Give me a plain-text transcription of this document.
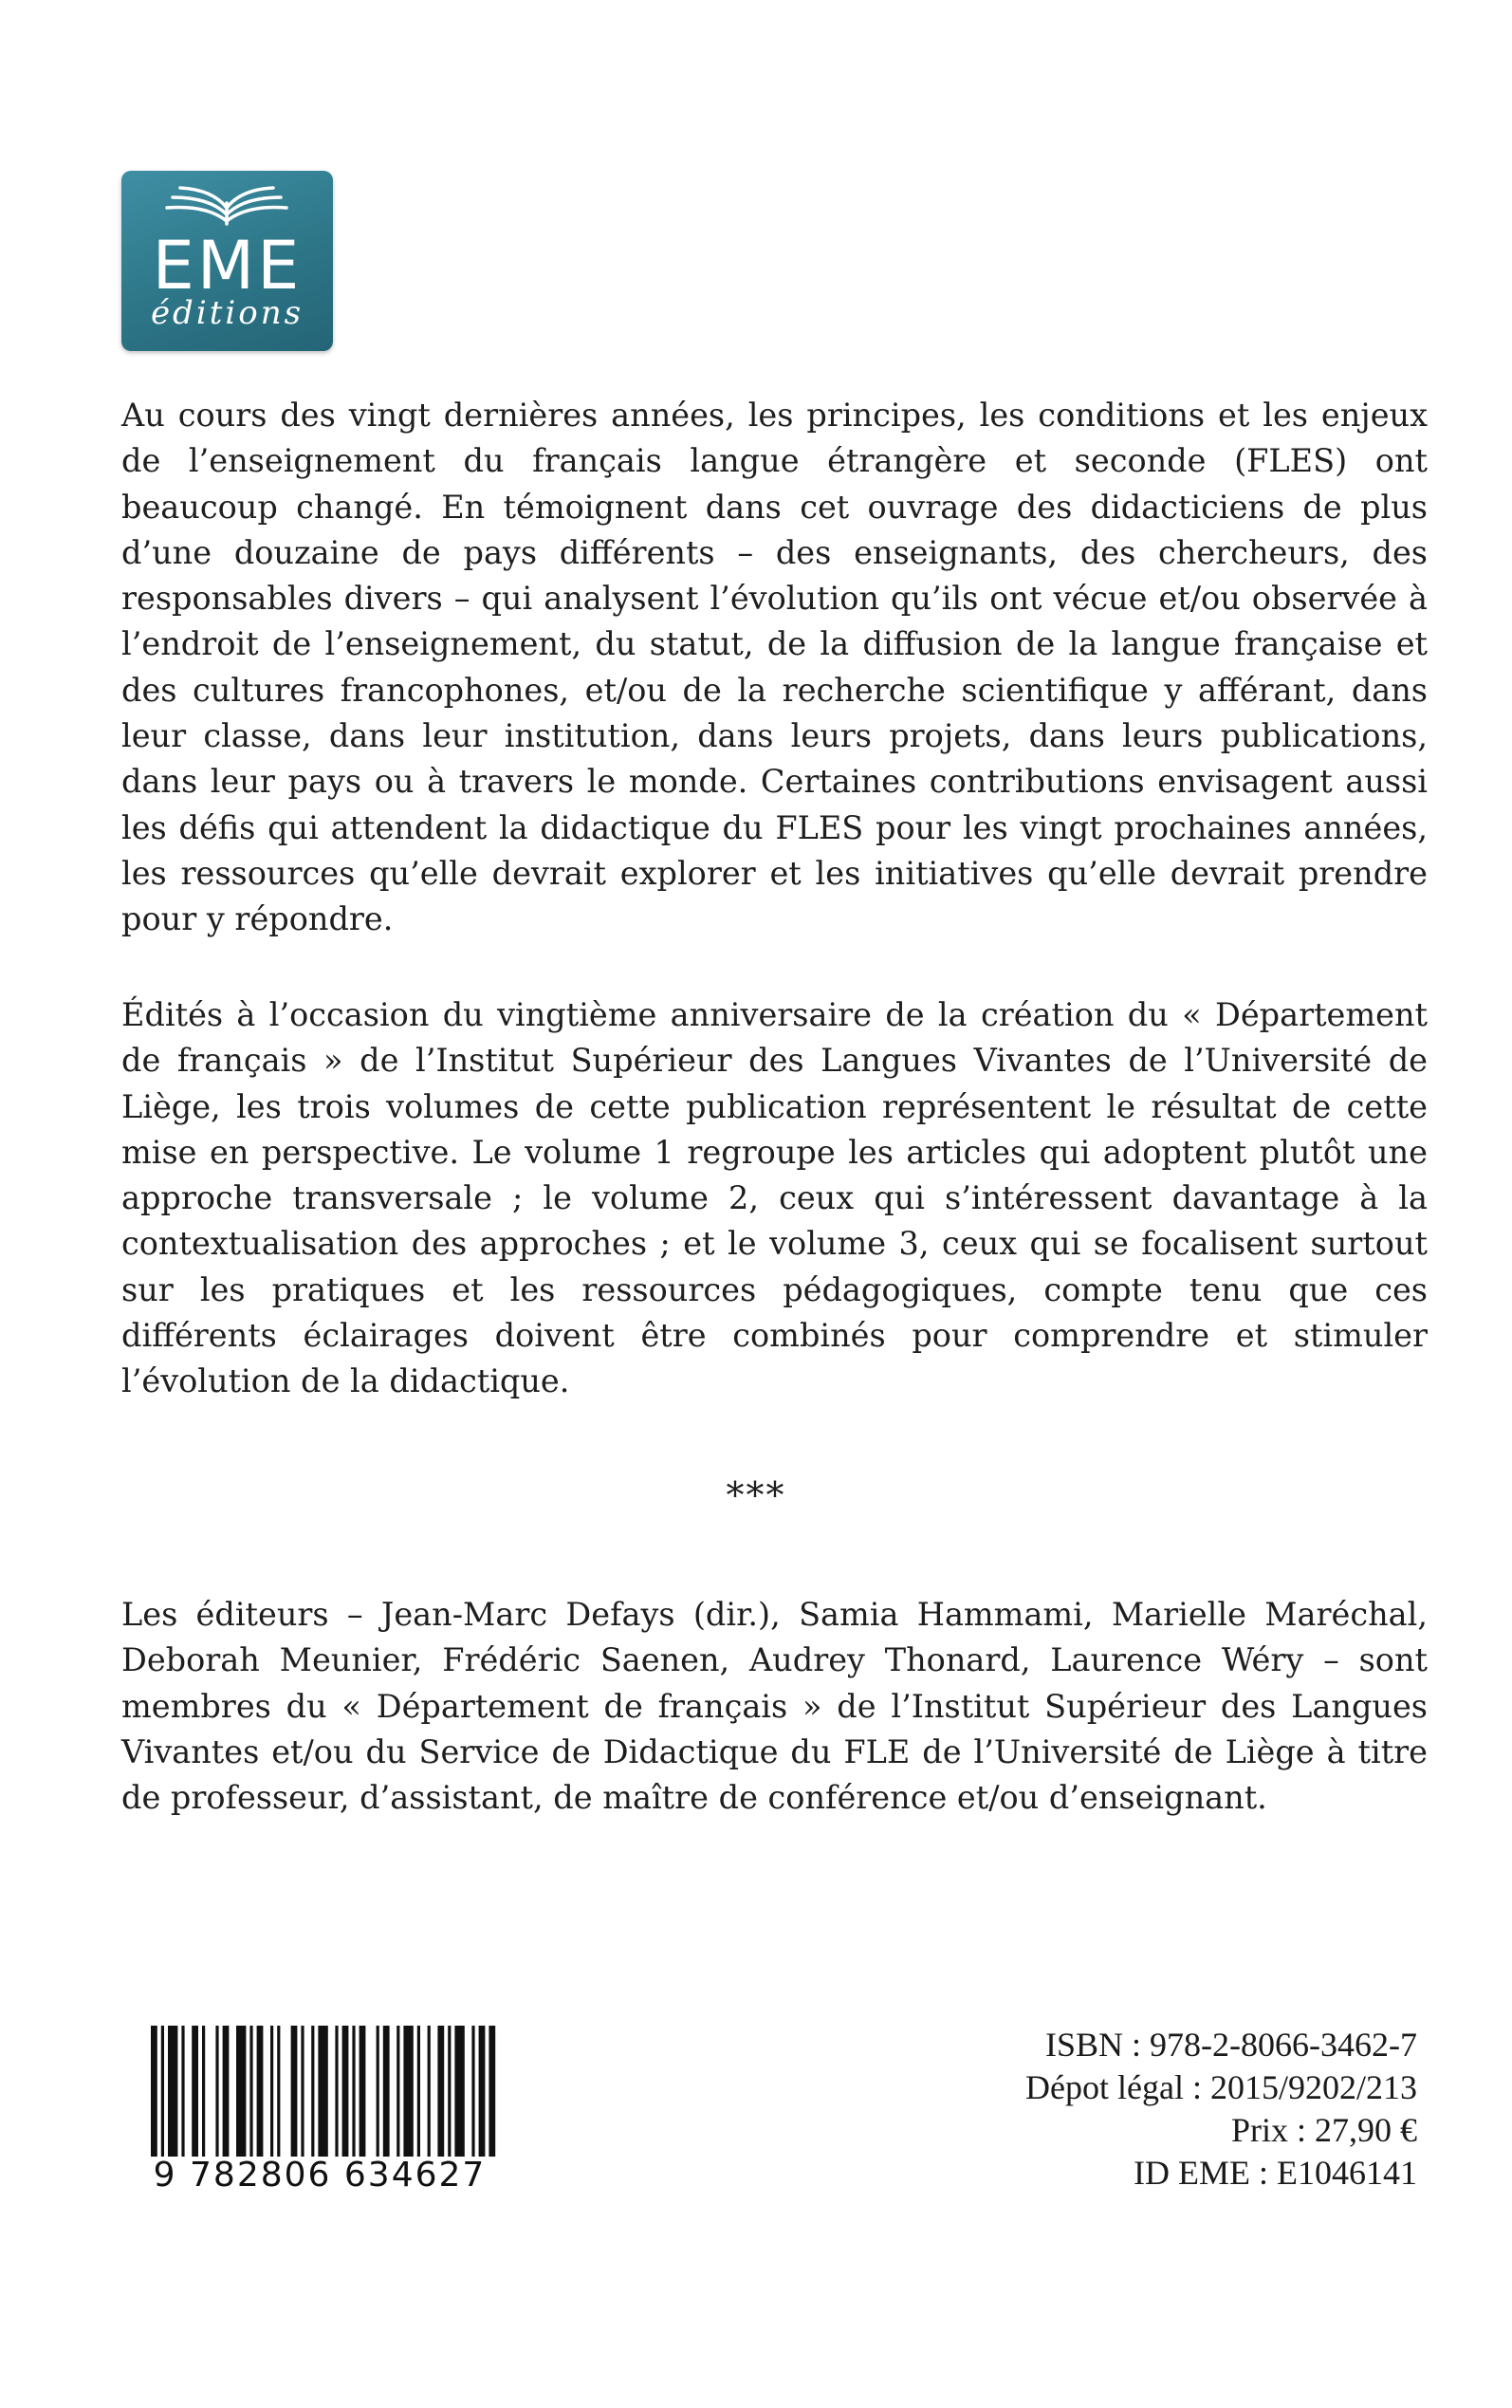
EME
éditions

Au cours des vingt dernières années, les principes, les conditions et les enjeux de l’enseignement du français langue étrangère et seconde (FLES) ont beaucoup changé. En témoignent dans cet ouvrage des didacticiens de plus d’une douzaine de pays différents – des enseignants, des chercheurs, des responsables divers – qui analysent l’évolution qu’ils ont vécue et/ou observée à l’endroit de l’enseignement, du statut, de la diffusion de la langue française et des cultures francophones, et/ou de la recherche scientifique y afférant, dans leur classe, dans leur institution, dans leurs projets, dans leurs publications, dans leur pays ou à travers le monde. Certaines contributions envisagent aussi les défis qui attendent la didactique du FLES pour les vingt prochaines années, les ressources qu’elle devrait explorer et les initiatives qu’elle devrait prendre pour y répondre.

Édités à l’occasion du vingtième anniversaire de la création du « Département de français » de l’Institut Supérieur des Langues Vivantes de l’Université de Liège, les trois volumes de cette publication représentent le résultat de cette mise en perspective. Le volume 1 regroupe les articles qui adoptent plutôt une approche transversale ; le volume 2, ceux qui s’intéressent davantage à la contextualisation des approches ; et le volume 3, ceux qui se focalisent surtout sur les pratiques et les ressources pédagogiques, compte tenu que ces différents éclairages doivent être combinés pour comprendre et stimuler l’évolution de la didactique.

***

Les éditeurs – Jean-Marc Defays (dir.), Samia Hammami, Marielle Maréchal, Deborah Meunier, Frédéric Saenen, Audrey Thonard, Laurence Wéry – sont membres du « Département de français » de l’Institut Supérieur des Langues Vivantes et/ou du Service de Didactique du FLE de l’Université de Liège à titre de professeur, d’assistant, de maître de conférence et/ou d’enseignant.

9 782806 634627
ISBN : 978-2-8066-3462-7
Dépot légal : 2015/9202/213
Prix : 27,90 €
ID EME : E1046141
